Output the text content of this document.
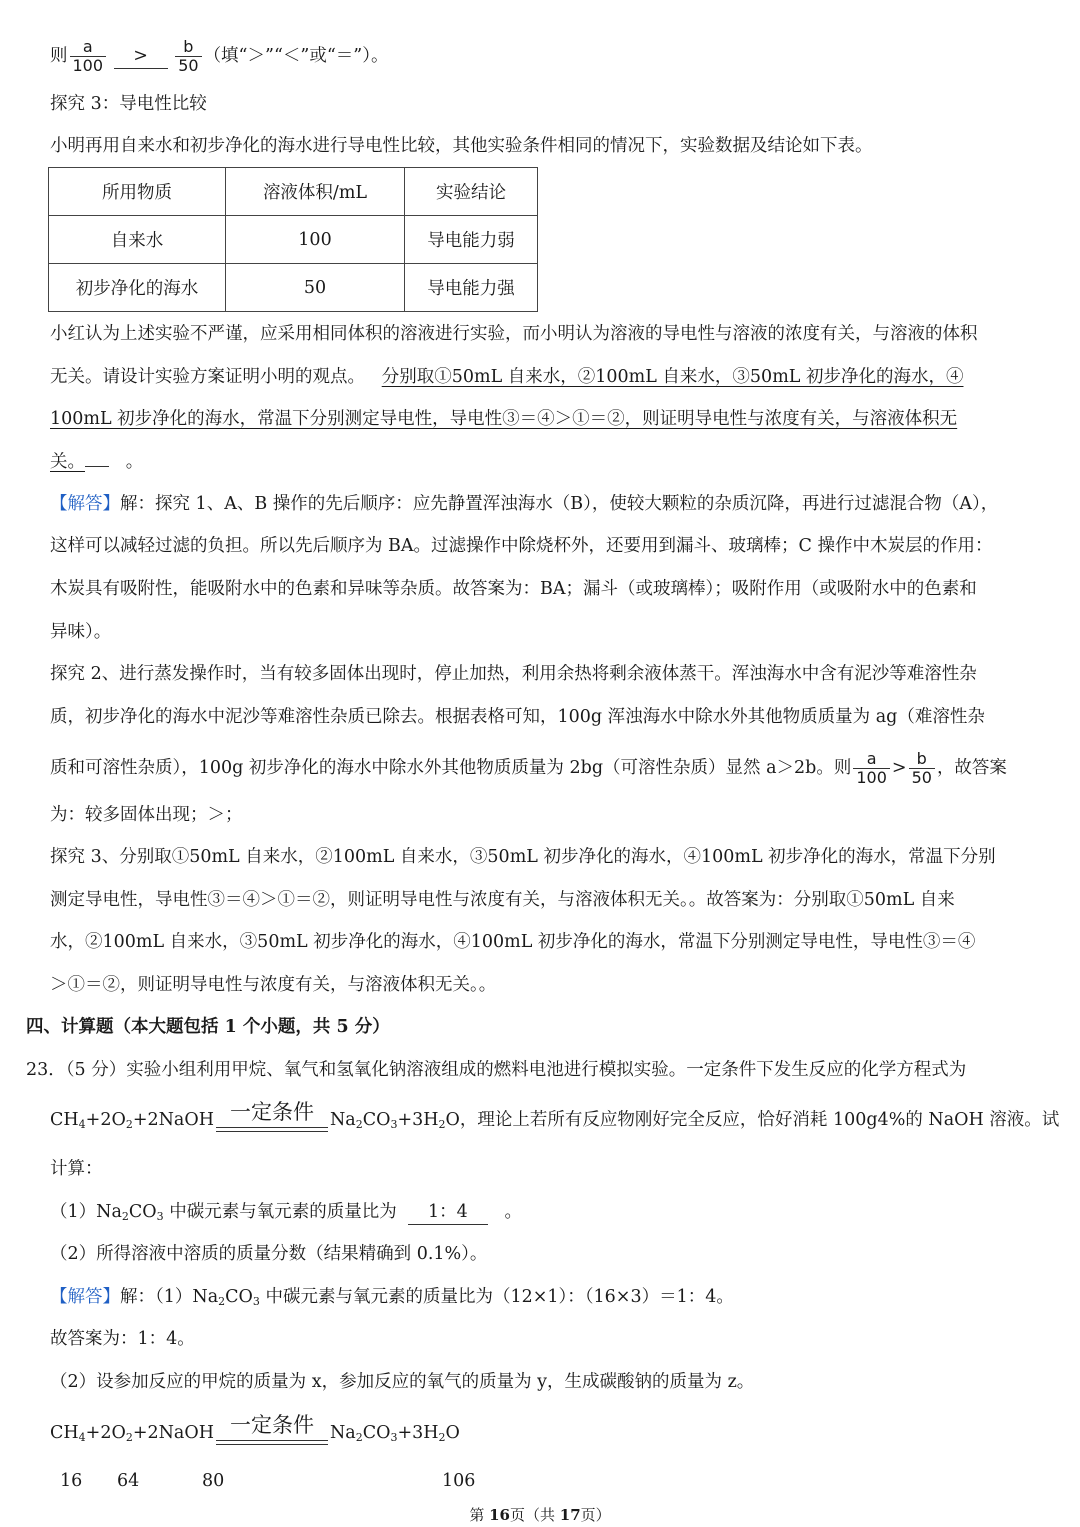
则 $\frac{a}{100} > \frac{b}{50}$ （填“＞”“＜”或“＝”）。
探究 3：导电性比较
小明再用自来水和初步净化的海水进行导电性比较，其他实验条件相同的情况下，实验数据及结论如下表。
所用物质	溶液体积/mL	实验结论
自来水	100	导电能力弱
初步净化的海水	50	导电能力强
小红认为上述实验不严谨，应采用相同体积的溶液进行实验，而小明认为溶液的导电性与溶液的浓度有关，与溶液的体积
无关。请设计实验方案证明小明的观点。 分别取①50mL 自来水，②100mL 自来水，③50mL 初步净化的海水，④
100mL 初步净化的海水，常温下分别测定导电性，导电性③＝④＞①＝②，则证明导电性与浓度有关，与溶液体积无
关。 。
【解答】解：探究 1、A、B 操作的先后顺序：应先静置浑浊海水（B），使较大颗粒的杂质沉降，再进行过滤混合物（A），
这样可以减轻过滤的负担。所以先后顺序为 BA。过滤操作中除烧杯外，还要用到漏斗、玻璃棒；C 操作中木炭层的作用：
木炭具有吸附性，能吸附水中的色素和异味等杂质。故答案为：BA；漏斗（或玻璃棒）；吸附作用（或吸附水中的色素和
异味）。
探究 2、进行蒸发操作时，当有较多固体出现时，停止加热，利用余热将剩余液体蒸干。浑浊海水中含有泥沙等难溶性杂
质，初步净化的海水中泥沙等难溶性杂质已除去。根据表格可知，100g 浑浊海水中除水外其他物质质量为 ag（难溶性杂
质和可溶性杂质），100g 初步净化的海水中除水外其他物质质量为 2bg（可溶性杂质）显然 a＞2b。则 $\frac{a}{100} > \frac{b}{50}$ ，故答案
为：较多固体出现；＞；
探究 3、分别取①50mL 自来水，②100mL 自来水，③50mL 初步净化的海水，④100mL 初步净化的海水，常温下分别
测定导电性，导电性③＝④＞①＝②，则证明导电性与浓度有关，与溶液体积无关。。故答案为：分别取①50mL 自来
水，②100mL 自来水，③50mL 初步净化的海水，④100mL 初步净化的海水，常温下分别测定导电性，导电性③＝④
＞①＝②，则证明导电性与浓度有关，与溶液体积无关。。
四、计算题（本大题包括 1 个小题，共 5 分）
23．（5 分）实验小组利用甲烷、氧气和氢氧化钠溶液组成的燃料电池进行模拟实验。一定条件下发生反应的化学方程式为
$CH_4+2O_2+2NaOH$ 一定条件 $Na_2CO_3+3H_2O$，理论上若所有反应物刚好完全反应，恰好消耗 100g4%的 NaOH 溶液。试
计算：
$(1)Na_2CO_3$ 中碳元素与氧元素的质量比为 1：4 。
（2）所得溶液中溶质的质量分数（结果精确到 0.1%）。
【解答】解：$(1)Na_2CO_3$ 中碳元素与氧元素的质量比为（12×1）：（16×3）＝1：4。
故答案为：1：4。
（2）设参加反应的甲烷的质量为 x，参加反应的氧气的质量为 y，生成碳酸钠的质量为 z。
$CH_4+2O_2+2NaOH$ 一定条件 $Na_2CO_3+3H_2O$
16 64	80	106
第 16页（共 17页）
